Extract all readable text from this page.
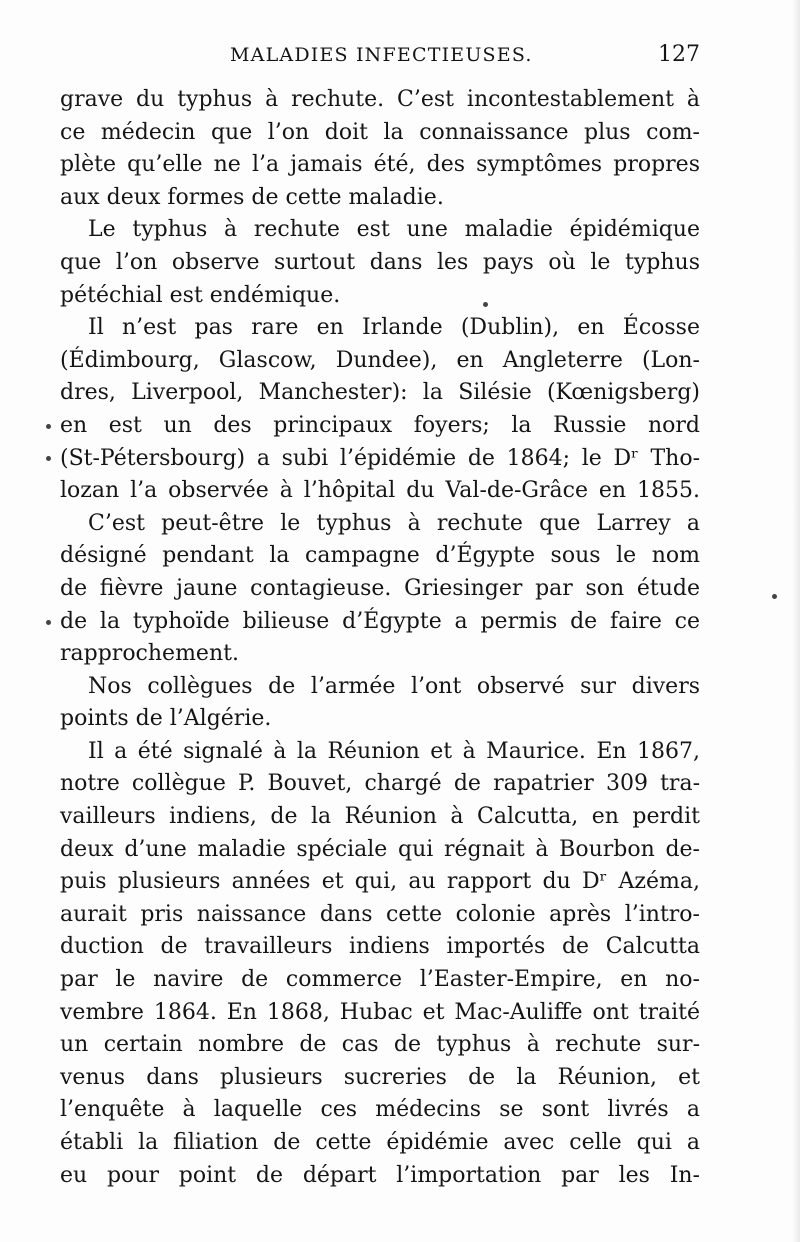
MALADIES INFECTIEUSES.	127
grave du typhus à rechute. C’est incontestablement à
ce médecin que l’on doit la connaissance plus com-
plète qu’elle ne l’a jamais été, des symptômes propres
aux deux formes de cette maladie.
Le typhus à rechute est une maladie épidémique
que l’on observe surtout dans les pays où le typhus
pétéchial est endémique.
Il n’est pas rare en Irlande (Dublin), en Écosse
(Édimbourg, Glascow, Dundee), en Angleterre (Lon-
dres, Liverpool, Manchester): la Silésie (Kœnigsberg)
en est un des principaux foyers; la Russie nord
(St-Pétersbourg) a subi l’épidémie de 1864; le Dʳ Tho-
lozan l’a observée à l’hôpital du Val-de-Grâce en 1855.
C’est peut-être le typhus à rechute que Larrey a
désigné pendant la campagne d’Égypte sous le nom
de fièvre jaune contagieuse. Griesinger par son étude
de la typhoïde bilieuse d’Égypte a permis de faire ce
rapprochement.
Nos collègues de l’armée l’ont observé sur divers
points de l’Algérie.
Il a été signalé à la Réunion et à Maurice. En 1867,
notre collègue P. Bouvet, chargé de rapatrier 309 tra-
vailleurs indiens, de la Réunion à Calcutta, en perdit
deux d’une maladie spéciale qui régnait à Bourbon de-
puis plusieurs années et qui, au rapport du Dʳ Azéma,
aurait pris naissance dans cette colonie après l’intro-
duction de travailleurs indiens importés de Calcutta
par le navire de commerce l’Easter-Empire, en no-
vembre 1864. En 1868, Hubac et Mac-Auliffe ont traité
un certain nombre de cas de typhus à rechute sur-
venus dans plusieurs sucreries de la Réunion, et
l’enquête à laquelle ces médecins se sont livrés a
établi la filiation de cette épidémie avec celle qui a
eu pour point de départ l’importation par les In-
